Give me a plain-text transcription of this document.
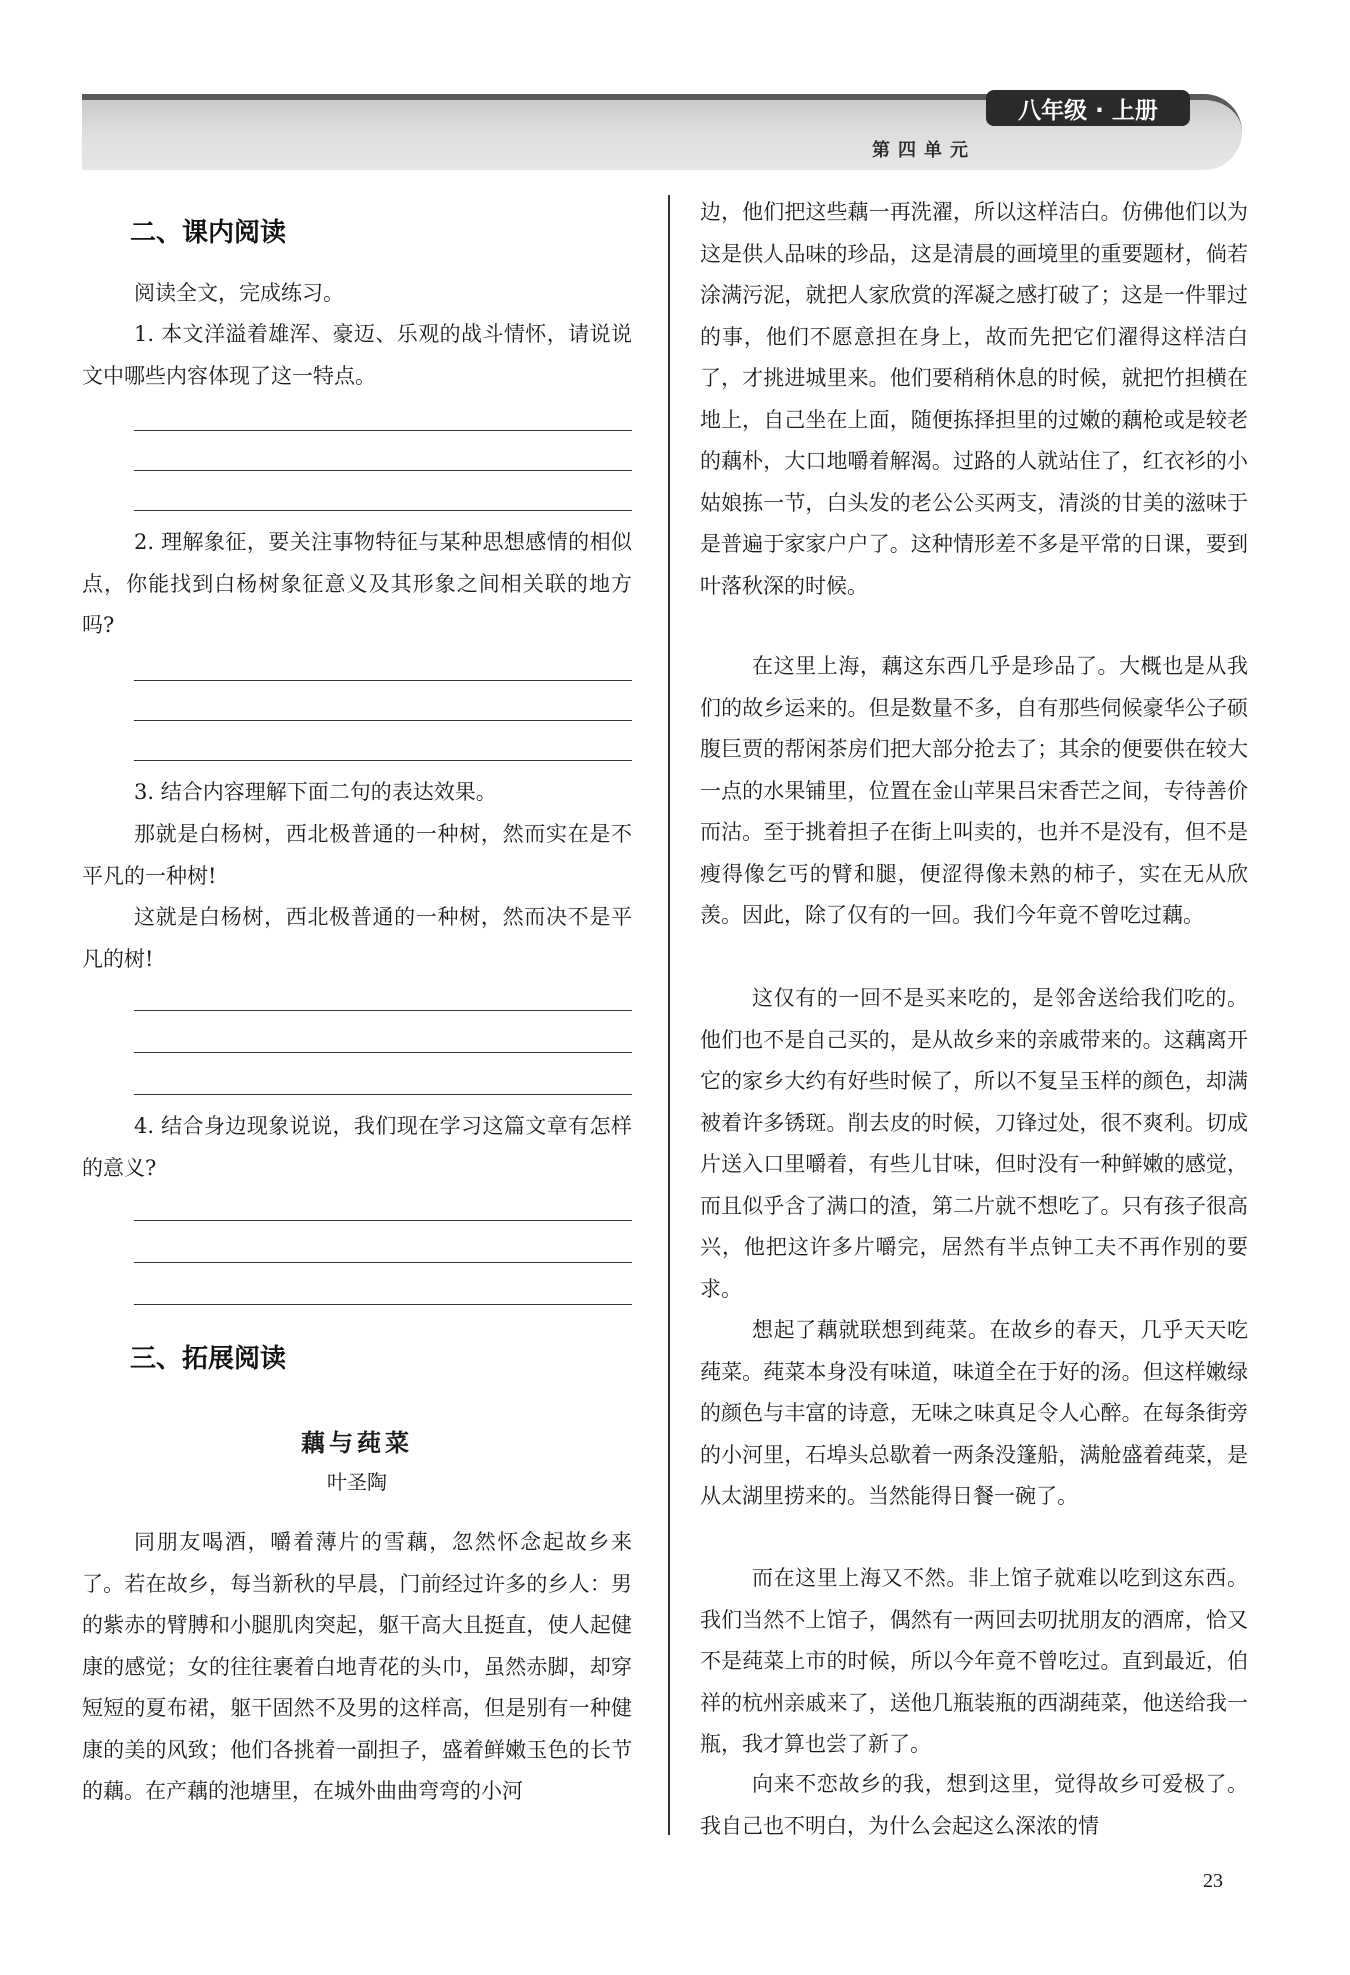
八年级 · 上册
第四单元
二、课内阅读

阅读全文，完成练习。

1. 本文洋溢着雄浑、豪迈、乐观的战斗情怀，请说说文中哪些内容体现了这一特点。

2. 理解象征，要关注事物特征与某种思想感情的相似点，你能找到白杨树象征意义及其形象之间相关联的地方吗?

3. 结合内容理解下面二句的表达效果。

那就是白杨树，西北极普通的一种树，然而实在是不平凡的一种树!

这就是白杨树，西北极普通的一种树，然而决不是平凡的树!

4. 结合身边现象说说，我们现在学习这篇文章有怎样的意义?

三、拓展阅读
藕与莼菜
叶圣陶

同朋友喝酒，嚼着薄片的雪藕，忽然怀念起故乡来了。若在故乡，每当新秋的早晨，门前经过许多的乡人：男的紫赤的臂膊和小腿肌肉突起，躯干高大且挺直，使人起健康的感觉；女的往往裹着白地青花的头巾，虽然赤脚，却穿短短的夏布裙，躯干固然不及男的这样高，但是别有一种健康的美的风致；他们各挑着一副担子，盛着鲜嫩玉色的长节的藕。在产藕的池塘里，在城外曲曲弯弯的小河

边，他们把这些藕一再洗濯，所以这样洁白。仿佛他们以为这是供人品味的珍品，这是清晨的画境里的重要题材，倘若涂满污泥，就把人家欣赏的浑凝之感打破了；这是一件罪过的事，他们不愿意担在身上，故而先把它们濯得这样洁白了，才挑进城里来。他们要稍稍休息的时候，就把竹担横在地上，自己坐在上面，随便拣择担里的过嫩的藕枪或是较老的藕朴，大口地嚼着解渴。过路的人就站住了，红衣衫的小姑娘拣一节，白头发的老公公买两支，清淡的甘美的滋味于是普遍于家家户户了。这种情形差不多是平常的日课，要到叶落秋深的时候。

在这里上海，藕这东西几乎是珍品了。大概也是从我们的故乡运来的。但是数量不多，自有那些伺候豪华公子硕腹巨贾的帮闲茶房们把大部分抢去了；其余的便要供在较大一点的水果铺里，位置在金山苹果吕宋香芒之间，专待善价而沽。至于挑着担子在街上叫卖的，也并不是没有，但不是瘦得像乞丐的臂和腿，便涩得像未熟的柿子，实在无从欣羡。因此，除了仅有的一回。我们今年竟不曾吃过藕。

这仅有的一回不是买来吃的，是邻舍送给我们吃的。他们也不是自己买的，是从故乡来的亲戚带来的。这藕离开它的家乡大约有好些时候了，所以不复呈玉样的颜色，却满被着许多锈斑。削去皮的时候，刀锋过处，很不爽利。切成片送入口里嚼着，有些儿甘味，但时没有一种鲜嫩的感觉，而且似乎含了满口的渣，第二片就不想吃了。只有孩子很高兴，他把这许多片嚼完，居然有半点钟工夫不再作别的要求。

想起了藕就联想到莼菜。在故乡的春天，几乎天天吃莼菜。莼菜本身没有味道，味道全在于好的汤。但这样嫩绿的颜色与丰富的诗意，无味之味真足令人心醉。在每条街旁的小河里，石埠头总歇着一两条没篷船，满舱盛着莼菜，是从太湖里捞来的。当然能得日餐一碗了。

而在这里上海又不然。非上馆子就难以吃到这东西。我们当然不上馆子，偶然有一两回去叨扰朋友的酒席，恰又不是莼菜上市的时候，所以今年竟不曾吃过。直到最近，伯祥的杭州亲戚来了，送他几瓶装瓶的西湖莼菜，他送给我一瓶，我才算也尝了新了。

向来不恋故乡的我，想到这里，觉得故乡可爱极了。我自己也不明白，为什么会起这么深浓的情

23
